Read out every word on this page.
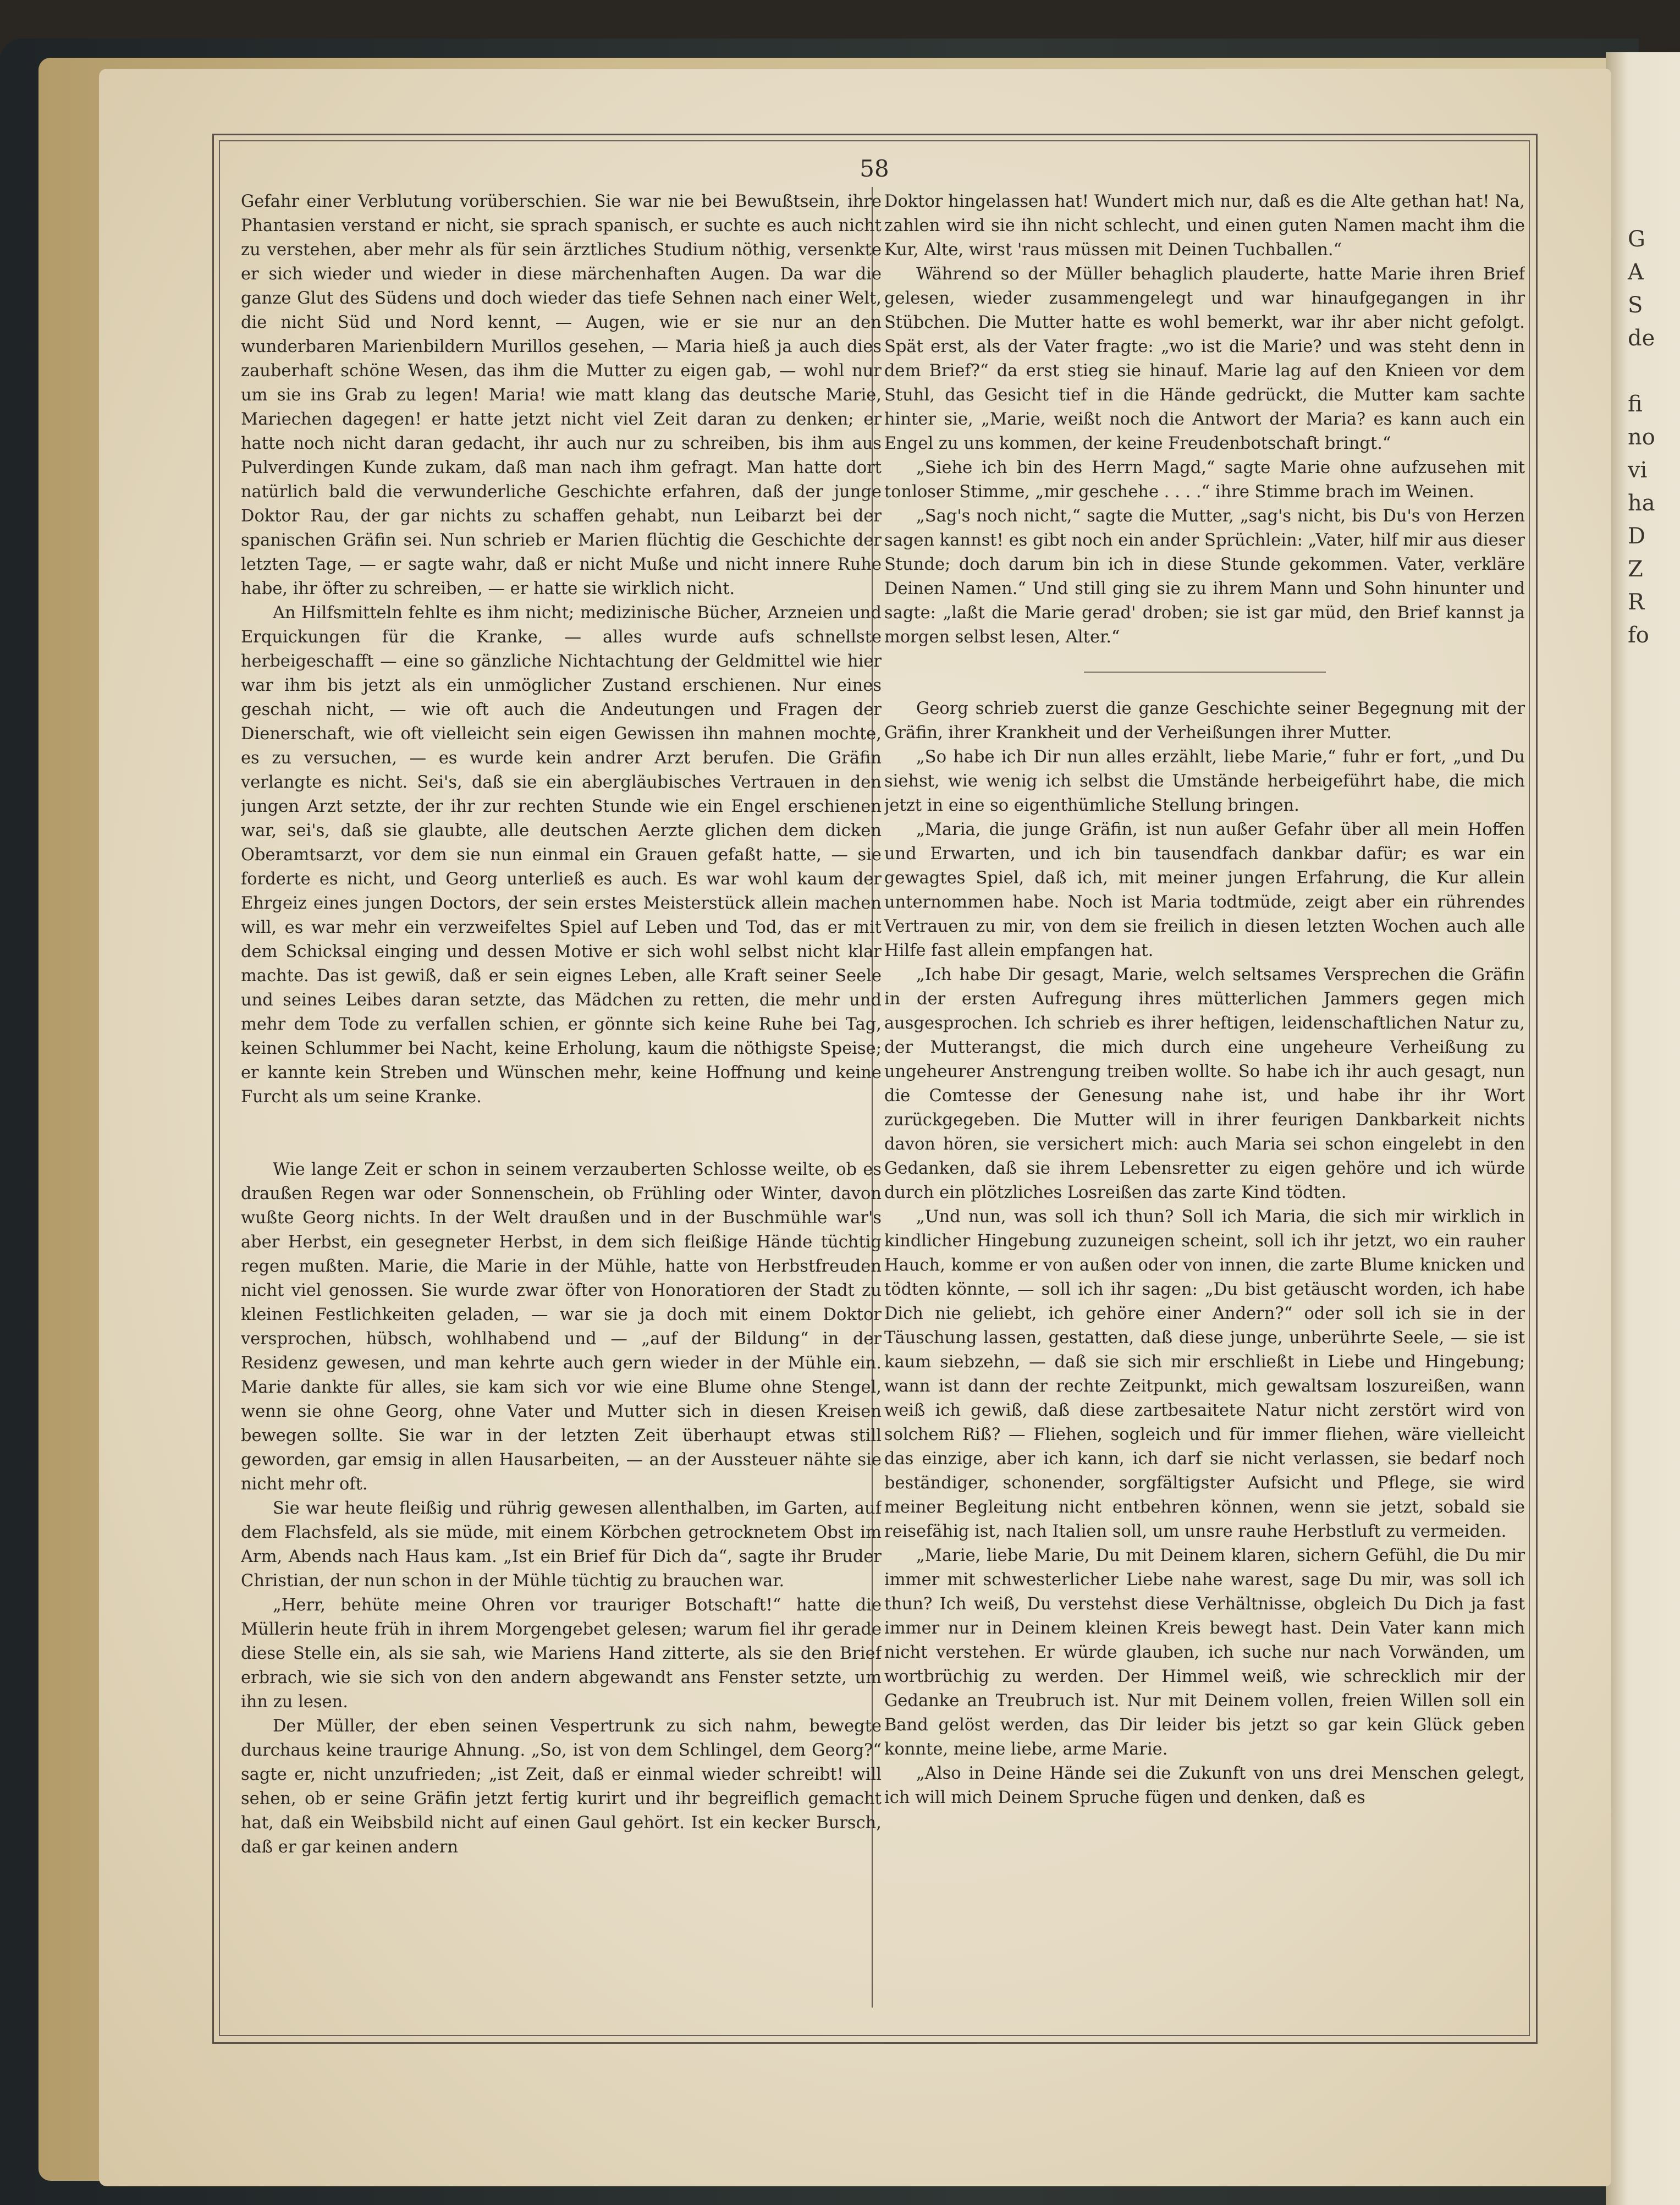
G
A
S
de
fi
no
vi
ha
D
Z
R
fo
58

Gefahr einer Verblutung vorüberschien. Sie war nie bei Bewußtsein, ihre Phantasien verstand er nicht, sie sprach spanisch, er suchte es auch nicht zu verstehen, aber mehr als für sein ärztliches Studium nöthig, versenkte er sich wieder und wieder in diese märchenhaften Augen. Da war die ganze Glut des Südens und doch wieder das tiefe Sehnen nach einer Welt, die nicht Süd und Nord kennt, — Augen, wie er sie nur an den wunderbaren Marienbildern Murillos gesehen, — Maria hieß ja auch dies zauberhaft schöne Wesen, das ihm die Mutter zu eigen gab, — wohl nur um sie ins Grab zu legen! Maria! wie matt klang das deutsche Marie, Mariechen dagegen! er hatte jetzt nicht viel Zeit daran zu denken; er hatte noch nicht daran gedacht, ihr auch nur zu schreiben, bis ihm aus Pulverdingen Kunde zukam, daß man nach ihm gefragt. Man hatte dort natürlich bald die verwunderliche Geschichte erfahren, daß der junge Doktor Rau, der gar nichts zu schaffen gehabt, nun Leibarzt bei der spanischen Gräfin sei. Nun schrieb er Marien flüchtig die Geschichte der letzten Tage, — er sagte wahr, daß er nicht Muße und nicht innere Ruhe habe, ihr öfter zu schreiben, — er hatte sie wirklich nicht.

An Hilfsmitteln fehlte es ihm nicht; medizinische Bücher, Arzneien und Erquickungen für die Kranke, — alles wurde aufs schnellste herbeigeschafft — eine so gänzliche Nichtachtung der Geldmittel wie hier war ihm bis jetzt als ein unmöglicher Zustand erschienen. Nur eines geschah nicht, — wie oft auch die Andeutungen und Fragen der Dienerschaft, wie oft vielleicht sein eigen Gewissen ihn mahnen mochte, es zu versuchen, — es wurde kein andrer Arzt berufen. Die Gräfin verlangte es nicht. Sei's, daß sie ein abergläubisches Vertrauen in den jungen Arzt setzte, der ihr zur rechten Stunde wie ein Engel erschienen war, sei's, daß sie glaubte, alle deutschen Aerzte glichen dem dicken Oberamtsarzt, vor dem sie nun einmal ein Grauen gefaßt hatte, — sie forderte es nicht, und Georg unterließ es auch. Es war wohl kaum der Ehrgeiz eines jungen Doctors, der sein erstes Meisterstück allein machen will, es war mehr ein verzweifeltes Spiel auf Leben und Tod, das er mit dem Schicksal einging und dessen Motive er sich wohl selbst nicht klar machte. Das ist gewiß, daß er sein eignes Leben, alle Kraft seiner Seele und seines Leibes daran setzte, das Mädchen zu retten, die mehr und mehr dem Tode zu verfallen schien, er gönnte sich keine Ruhe bei Tag, keinen Schlummer bei Nacht, keine Erholung, kaum die nöthigste Speise; er kannte kein Streben und Wünschen mehr, keine Hoffnung und keine Furcht als um seine Kranke.

Wie lange Zeit er schon in seinem verzauberten Schlosse weilte, ob es draußen Regen war oder Sonnenschein, ob Frühling oder Winter, davon wußte Georg nichts. In der Welt draußen und in der Buschmühle war's aber Herbst, ein gesegneter Herbst, in dem sich fleißige Hände tüchtig regen mußten. Marie, die Marie in der Mühle, hatte von Herbstfreuden nicht viel genossen. Sie wurde zwar öfter von Honoratioren der Stadt zu kleinen Festlichkeiten geladen, — war sie ja doch mit einem Doktor versprochen, hübsch, wohlhabend und — „auf der Bildung“ in der Residenz gewesen, und man kehrte auch gern wieder in der Mühle ein. Marie dankte für alles, sie kam sich vor wie eine Blume ohne Stengel, wenn sie ohne Georg, ohne Vater und Mutter sich in diesen Kreisen bewegen sollte. Sie war in der letzten Zeit überhaupt etwas still geworden, gar emsig in allen Hausarbeiten, — an der Aussteuer nähte sie nicht mehr oft.

Sie war heute fleißig und rührig gewesen allenthalben, im Garten, auf dem Flachsfeld, als sie müde, mit einem Körbchen getrocknetem Obst im Arm, Abends nach Haus kam. „Ist ein Brief für Dich da“, sagte ihr Bruder Christian, der nun schon in der Mühle tüchtig zu brauchen war.

„Herr, behüte meine Ohren vor trauriger Botschaft!“ hatte die Müllerin heute früh in ihrem Morgengebet gelesen; warum fiel ihr gerade diese Stelle ein, als sie sah, wie Mariens Hand zitterte, als sie den Brief erbrach, wie sie sich von den andern abgewandt ans Fenster setzte, um ihn zu lesen.

Der Müller, der eben seinen Vespertrunk zu sich nahm, bewegte durchaus keine traurige Ahnung. „So, ist von dem Schlingel, dem Georg?“ sagte er, nicht unzufrieden; „ist Zeit, daß er einmal wieder schreibt! will sehen, ob er seine Gräfin jetzt fertig kurirt und ihr begreiflich gemacht hat, daß ein Weibsbild nicht auf einen Gaul gehört. Ist ein kecker Bursch, daß er gar keinen andern

Doktor hingelassen hat! Wundert mich nur, daß es die Alte gethan hat! Na, zahlen wird sie ihn nicht schlecht, und einen guten Namen macht ihm die Kur, Alte, wirst 'raus müssen mit Deinen Tuchballen.“

Während so der Müller behaglich plauderte, hatte Marie ihren Brief gelesen, wieder zusammengelegt und war hinaufgegangen in ihr Stübchen. Die Mutter hatte es wohl bemerkt, war ihr aber nicht gefolgt. Spät erst, als der Vater fragte: „wo ist die Marie? und was steht denn in dem Brief?“ da erst stieg sie hinauf. Marie lag auf den Knieen vor dem Stuhl, das Gesicht tief in die Hände gedrückt, die Mutter kam sachte hinter sie, „Marie, weißt noch die Antwort der Maria? es kann auch ein Engel zu uns kommen, der keine Freudenbotschaft bringt.“

„Siehe ich bin des Herrn Magd,“ sagte Marie ohne aufzusehen mit tonloser Stimme, „mir geschehe . . . .“ ihre Stimme brach im Weinen.

„Sag's noch nicht,“ sagte die Mutter, „sag's nicht, bis Du's von Herzen sagen kannst! es gibt noch ein ander Sprüchlein: „Vater, hilf mir aus dieser Stunde; doch darum bin ich in diese Stunde gekommen. Vater, verkläre Deinen Namen.“ Und still ging sie zu ihrem Mann und Sohn hinunter und sagte: „laßt die Marie gerad' droben; sie ist gar müd, den Brief kannst ja morgen selbst lesen, Alter.“

Georg schrieb zuerst die ganze Geschichte seiner Begegnung mit der Gräfin, ihrer Krankheit und der Verheißungen ihrer Mutter.

„So habe ich Dir nun alles erzählt, liebe Marie,“ fuhr er fort, „und Du siehst, wie wenig ich selbst die Umstände herbeigeführt habe, die mich jetzt in eine so eigenthümliche Stellung bringen.

„Maria, die junge Gräfin, ist nun außer Gefahr über all mein Hoffen und Erwarten, und ich bin tausendfach dankbar dafür; es war ein gewagtes Spiel, daß ich, mit meiner jungen Erfahrung, die Kur allein unternommen habe. Noch ist Maria todtmüde, zeigt aber ein rührendes Vertrauen zu mir, von dem sie freilich in diesen letzten Wochen auch alle Hilfe fast allein empfangen hat.

„Ich habe Dir gesagt, Marie, welch seltsames Versprechen die Gräfin in der ersten Aufregung ihres mütterlichen Jammers gegen mich ausgesprochen. Ich schrieb es ihrer heftigen, leidenschaftlichen Natur zu, der Mutterangst, die mich durch eine ungeheure Verheißung zu ungeheurer Anstrengung treiben wollte. So habe ich ihr auch gesagt, nun die Comtesse der Genesung nahe ist, und habe ihr ihr Wort zurückgegeben. Die Mutter will in ihrer feurigen Dankbarkeit nichts davon hören, sie versichert mich: auch Maria sei schon eingelebt in den Gedanken, daß sie ihrem Lebensretter zu eigen gehöre und ich würde durch ein plötzliches Losreißen das zarte Kind tödten.

„Und nun, was soll ich thun? Soll ich Maria, die sich mir wirklich in kindlicher Hingebung zuzuneigen scheint, soll ich ihr jetzt, wo ein rauher Hauch, komme er von außen oder von innen, die zarte Blume knicken und tödten könnte, — soll ich ihr sagen: „Du bist getäuscht worden, ich habe Dich nie geliebt, ich gehöre einer Andern?“ oder soll ich sie in der Täuschung lassen, gestatten, daß diese junge, unberührte Seele, — sie ist kaum siebzehn, — daß sie sich mir erschließt in Liebe und Hingebung; wann ist dann der rechte Zeitpunkt, mich gewaltsam loszureißen, wann weiß ich gewiß, daß diese zartbesaitete Natur nicht zerstört wird von solchem Riß? — Fliehen, sogleich und für immer fliehen, wäre vielleicht das einzige, aber ich kann, ich darf sie nicht verlassen, sie bedarf noch beständiger, schonender, sorgfältigster Aufsicht und Pflege, sie wird meiner Begleitung nicht entbehren können, wenn sie jetzt, sobald sie reisefähig ist, nach Italien soll, um unsre rauhe Herbstluft zu vermeiden.

„Marie, liebe Marie, Du mit Deinem klaren, sichern Gefühl, die Du mir immer mit schwesterlicher Liebe nahe warest, sage Du mir, was soll ich thun? Ich weiß, Du verstehst diese Verhältnisse, obgleich Du Dich ja fast immer nur in Deinem kleinen Kreis bewegt hast. Dein Vater kann mich nicht verstehen. Er würde glauben, ich suche nur nach Vorwänden, um wortbrüchig zu werden. Der Himmel weiß, wie schrecklich mir der Gedanke an Treubruch ist. Nur mit Deinem vollen, freien Willen soll ein Band gelöst werden, das Dir leider bis jetzt so gar kein Glück geben konnte, meine liebe, arme Marie.

„Also in Deine Hände sei die Zukunft von uns drei Menschen gelegt, ich will mich Deinem Spruche fügen und denken, daß es
